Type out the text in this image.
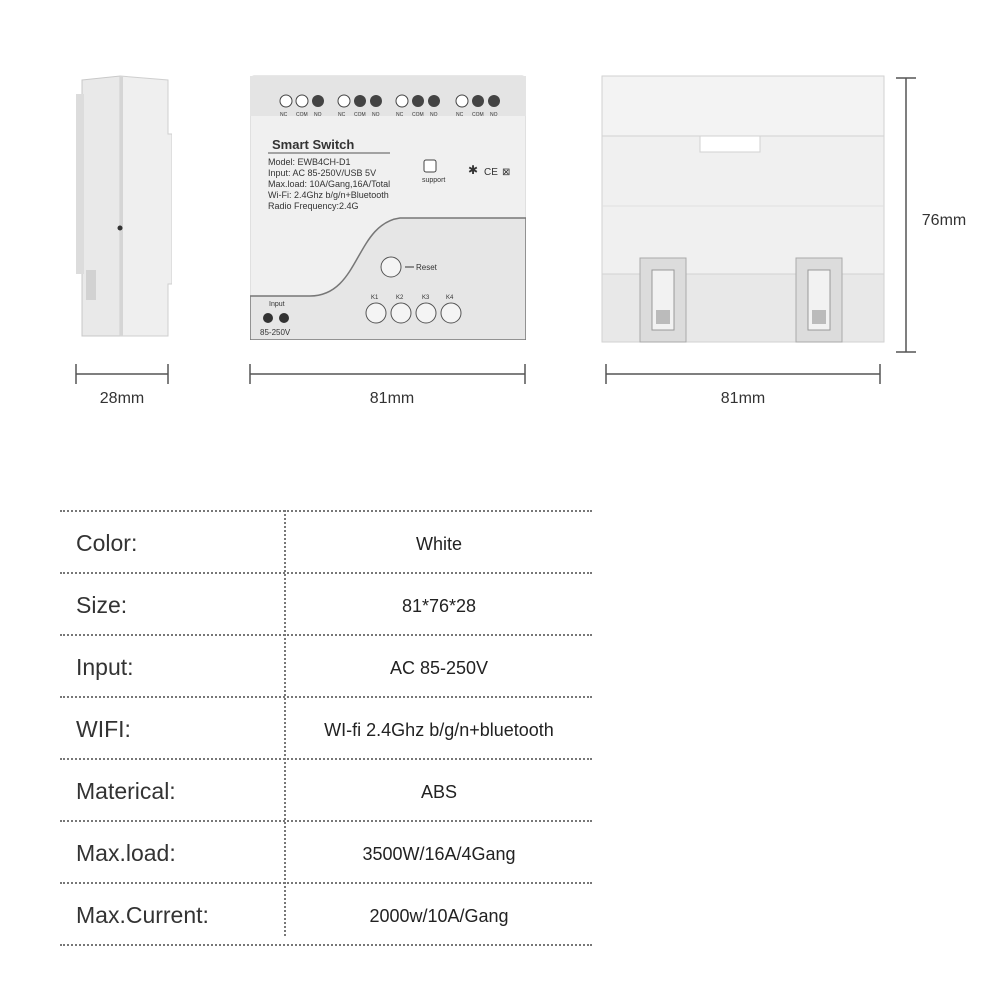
NC COM NO	NC COM NO	NC COM NO	NC COM NO
Smart Switch
Model: EWB4CH-D1
Input: AC 85-250V/USB 5V
Max.load: 10A/Gang,16A/Total
Wi-Fi: 2.4Ghz b/g/n+Bluetooth
Radio Frequency:2.4G
support
✱ CE ⊠
Reset
K1	K2	K3	K4
Input
85-250V
28mm	81mm	81mm
76mm
Color:	White
Size:	81*76*28
Input:	AC 85-250V
WIFI:	WI-fi 2.4Ghz b/g/n+bluetooth
Materical:	ABS
Max.load:	3500W/16A/4Gang
Max.Current:	2000w/10A/Gang
